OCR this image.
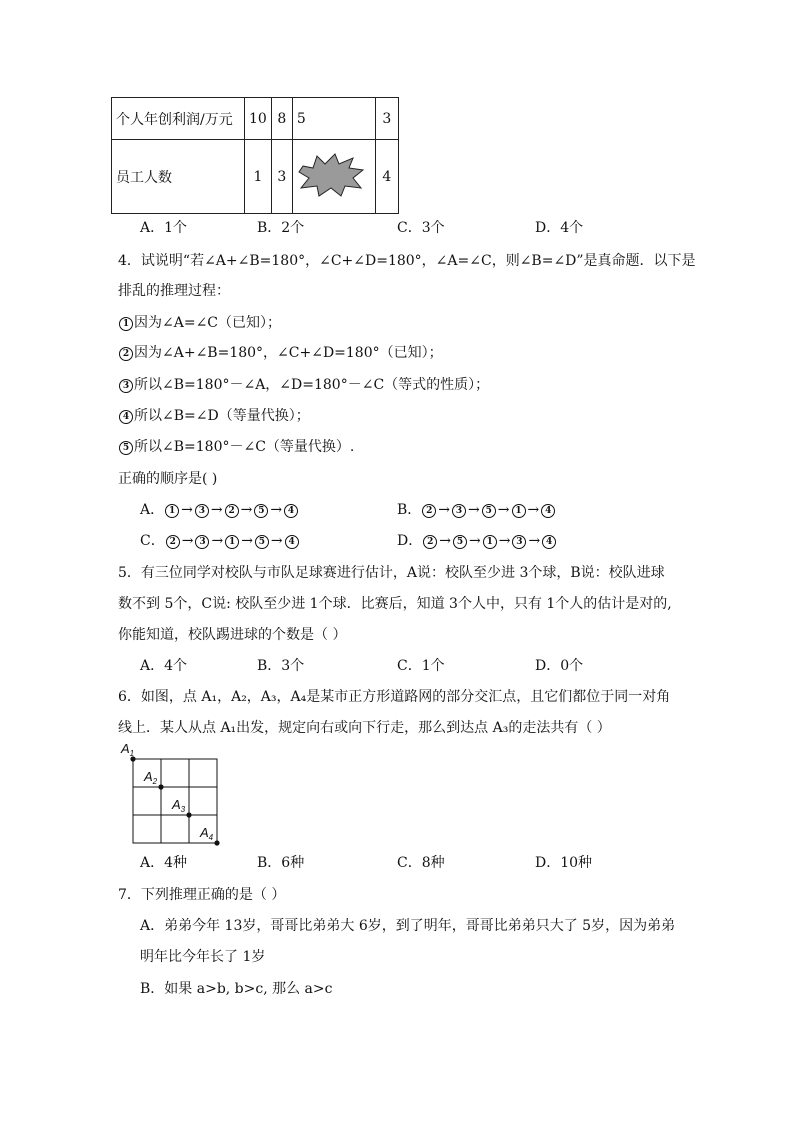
个人年创利润/万元	10	8	5	3
员工人数	1	3		4
A．1个	B．2个	C．3个	D．4个
4．试说明“若∠A+∠B=180°，∠C+∠D=180°，∠A=∠C，则∠B=∠D”是真命题．以下是
排乱的推理过程：
1 因为∠A=∠C（已知）；
2 因为∠A+∠B=180°，∠C+∠D=180°（已知）；
3 所以∠B=180°－∠A，∠D=180°－∠C（等式的性质）；
4 所以∠B=∠D（等量代换）；
5 所以∠B=180°－∠C（等量代换）.
正确的顺序是( )
A． 1 → 3 → 2 → 5 → 4	B． 2 → 3 → 5 → 1 → 4
C． 2 → 3 → 1 → 5 → 4	D． 2 → 5 → 1 → 3 → 4
5．有三位同学对校队与市队足球赛进行估计，A说：校队至少进 3个球，B说：校队进球
数不到 5个，C说: 校队至少进 1个球．比赛后，知道 3个人中，只有 1个人的估计是对的,
你能知道，校队踢进球的个数是（ ）
A．4个	B．3个	C．1个	D．0个
6．如图，点 A₁，A₂，A₃，A₄是某市正方形道路网的部分交汇点，且它们都位于同一对角
线上．某人从点 A₁出发，规定向右或向下行走，那么到达点 A₃的走法共有（ ）
$A_1$
$A_2$
$A_3$
$A_4$
A．4种	B．6种	C．8种	D．10种
7．下列推理正确的是（ ）
A．弟弟今年 13岁，哥哥比弟弟大 6岁，到了明年，哥哥比弟弟只大了 5岁，因为弟弟
明年比今年长了 1岁
B．如果 a>b, b>c, 那么 a>c
